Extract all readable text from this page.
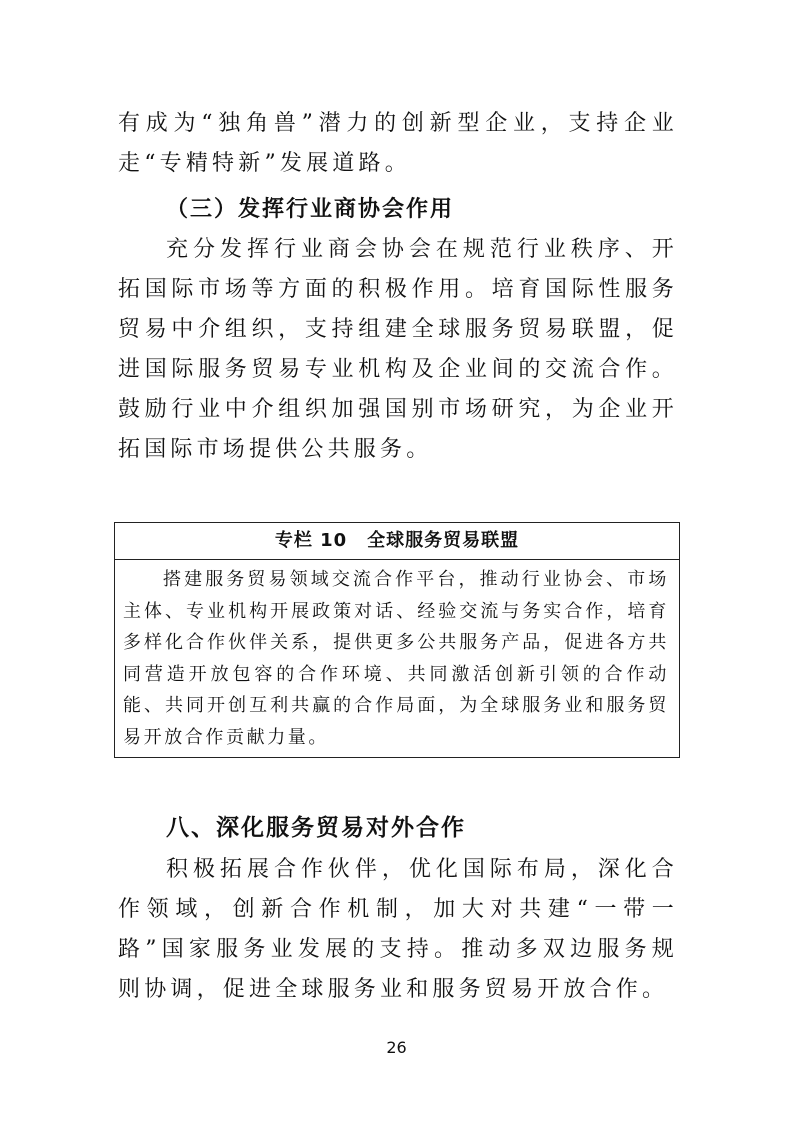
有成为“独角兽”潜力的创新型企业，支持企业走“专精特新”发展道路。

（三）发挥行业商协会作用

充分发挥行业商会协会在规范行业秩序、开拓国际市场等方面的积极作用。培育国际性服务贸易中介组织，支持组建全球服务贸易联盟，促进国际服务贸易专业机构及企业间的交流合作。鼓励行业中介组织加强国别市场研究，为企业开拓国际市场提供公共服务。

专栏 10 全球服务贸易联盟
搭建服务贸易领域交流合作平台，推动行业协会、市场主体、专业机构开展政策对话、经验交流与务实合作，培育多样化合作伙伴关系，提供更多公共服务产品，促进各方共同营造开放包容的合作环境、共同激活创新引领的合作动能、共同开创互利共赢的合作局面，为全球服务业和服务贸易开放合作贡献力量。
八、深化服务贸易对外合作

积极拓展合作伙伴，优化国际布局，深化合作领域，创新合作机制，加大对共建“一带一路”国家服务业发展的支持。推动多双边服务规则协调，促进全球服务业和服务贸易开放合作。

26
